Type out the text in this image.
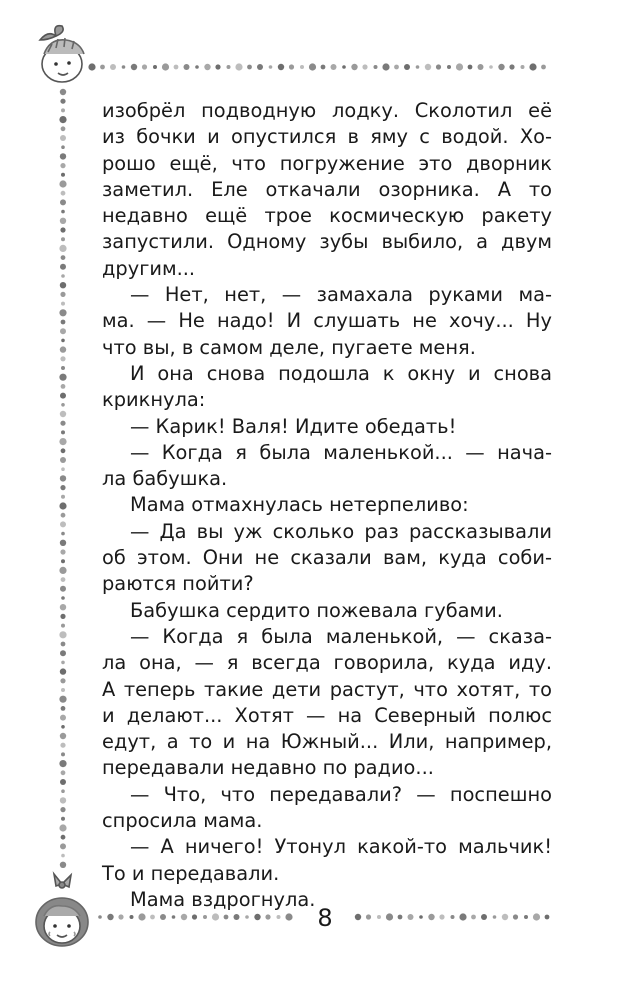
изобрёл подводную лодку. Сколотил её
из бочки и опустился в яму с водой. Хо-
рошо ещё, что погружение это дворник
заметил. Еле откачали озорника. А то
недавно ещё трое космическую ракету
запустили. Одному зубы выбило, а двум
другим...
— Нет, нет, — замахала руками ма-
ма. — Не надо! И слушать не хочу... Ну
что вы, в самом деле, пугаете меня.
И она снова подошла к окну и снова
крикнула:
— Карик! Валя! Идите обедать!
— Когда я была маленькой... — нача-
ла бабушка.
Мама отмахнулась нетерпеливо:
— Да вы уж сколько раз рассказывали
об этом. Они не сказали вам, куда соби-
раются пойти?
Бабушка сердито пожевала губами.
— Когда я была маленькой, — сказа-
ла она, — я всегда говорила, куда иду.
А теперь такие дети растут, что хотят, то
и делают... Хотят — на Северный полюс
едут, а то и на Южный... Или, например,
передавали недавно по радио...
— Что, что передавали? — поспешно
спросила мама.
— А ничего! Утонул какой-то мальчик!
То и передавали.
Мама вздрогнула.
8
